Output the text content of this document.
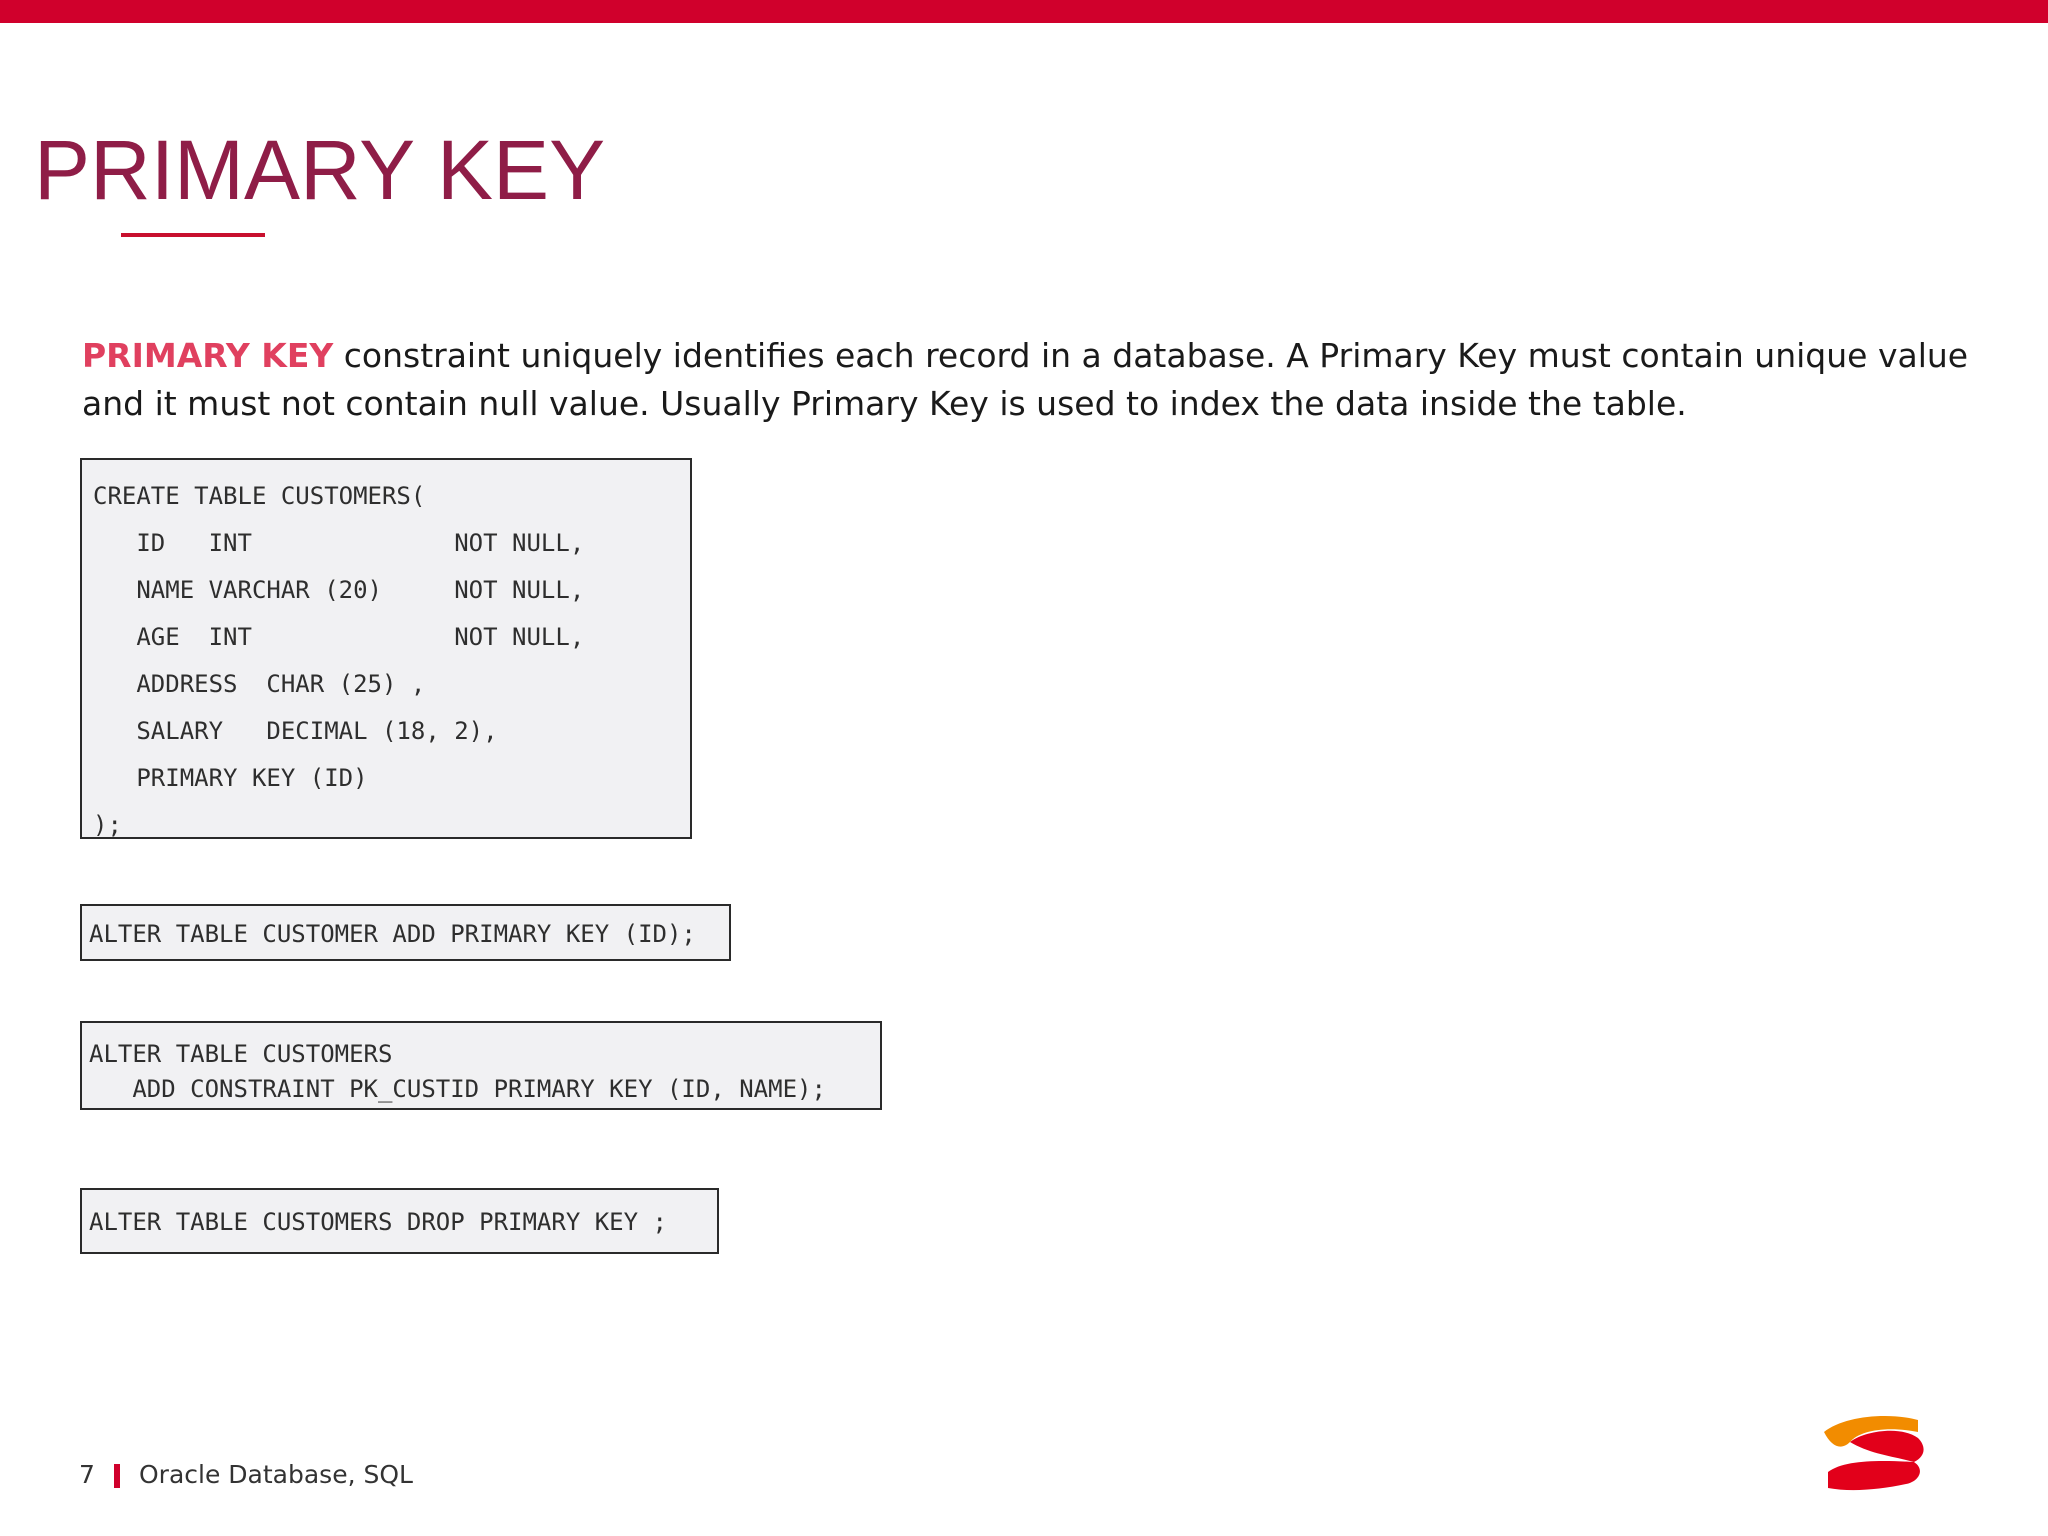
PRIMARY KEY

PRIMARY KEY constraint uniquely identifies each record in a database. A Primary Key must contain unique value and it must not contain null value. Usually Primary Key is used to index the data inside the table.

CREATE TABLE CUSTOMERS(
ID   INT              NOT NULL,
NAME VARCHAR (20)     NOT NULL,
AGE  INT              NOT NULL,
ADDRESS  CHAR (25) ,
SALARY   DECIMAL (18, 2),
PRIMARY KEY (ID)
);
ALTER TABLE CUSTOMER ADD PRIMARY KEY (ID);
ALTER TABLE CUSTOMERS
ADD CONSTRAINT PK_CUSTID PRIMARY KEY (ID, NAME);
ALTER TABLE CUSTOMERS DROP PRIMARY KEY ;
7 Oracle Database, SQL
